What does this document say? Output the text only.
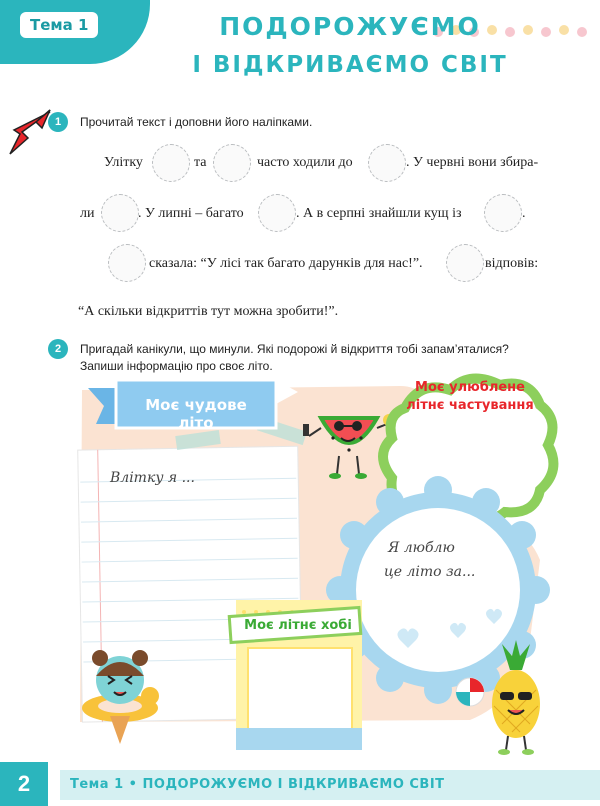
Тема 1	ПОДОРОЖУЄМО
І ВІДКРИВАЄМО СВІТ
1	Прочитай текст і доповни його наліпками.
Улітку	та	часто ходили до	. У червні вони збира-
ли	. У липні – багато	. А в серпні знайшли кущ із	.
сказала: “У лісі так багато дарунків для нас!”.	відповів:
“А скільки відкриттів тут можна зробити!”.
2	Пригадай канікули, що минули. Які подорожі й відкриття тобі запам’яталися?
Запиши інформацію про своє літо.
Моє чудове літо
Моє улюблене
літнє частування
Моє літнє хобі
Влітку я ...
Я люблю
це літо за...
2	Тема 1 • ПОДОРОЖУЄМО І ВІДКРИВАЄМО СВІТ
